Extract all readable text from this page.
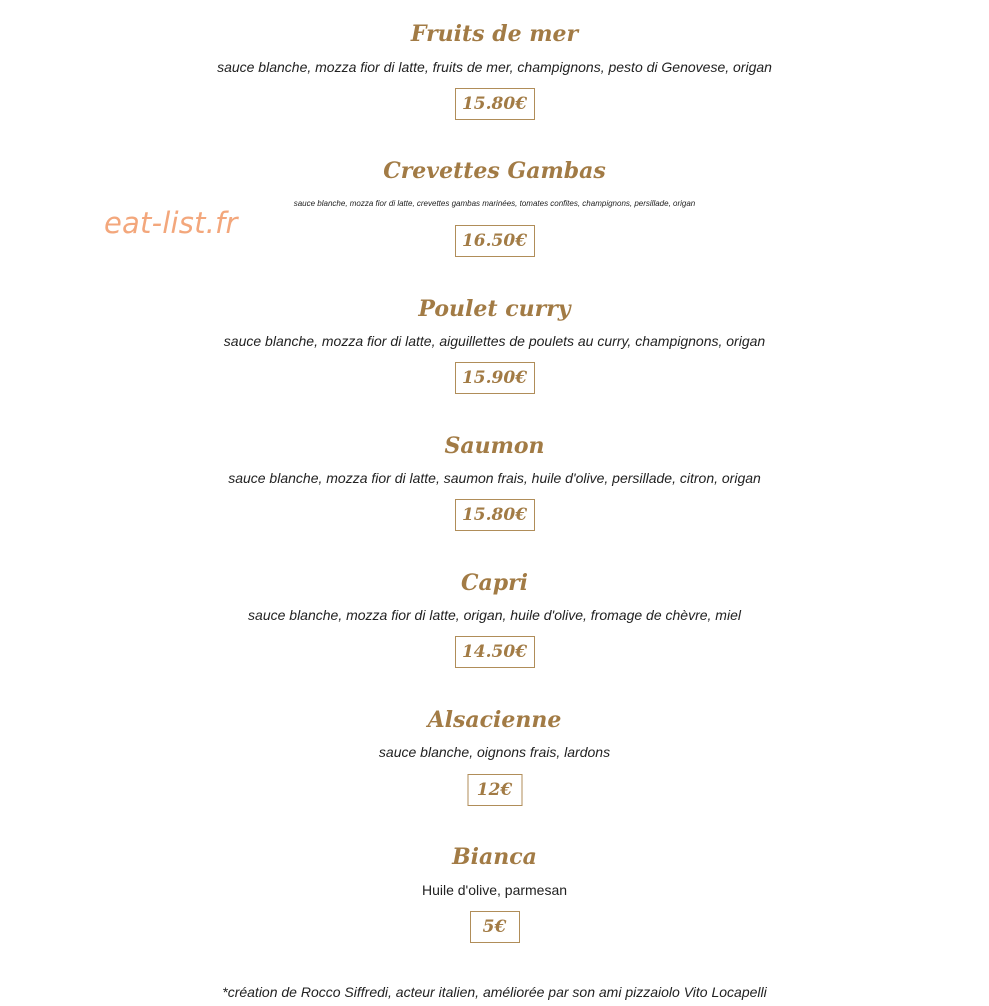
eat-list.fr
Fruits de mer
sauce blanche, mozza fior di latte, fruits de mer, champignons, pesto di Genovese, origan
15.80€
Crevettes Gambas
sauce blanche, mozza fior di latte, crevettes gambas marinées, tomates confites, champignons, persillade, origan
16.50€
Poulet curry
sauce blanche, mozza fior di latte, aiguillettes de poulets au curry, champignons, origan
15.90€
Saumon
sauce blanche, mozza fior di latte, saumon frais, huile d'olive, persillade, citron, origan
15.80€
Capri
sauce blanche, mozza fior di latte, origan, huile d'olive, fromage de chèvre, miel
14.50€
Alsacienne
sauce blanche, oignons frais, lardons
12€
Bianca
Huile d'olive, parmesan
5€
*création de Rocco Siffredi, acteur italien, améliorée par son ami pizzaiolo Vito Locapelli
